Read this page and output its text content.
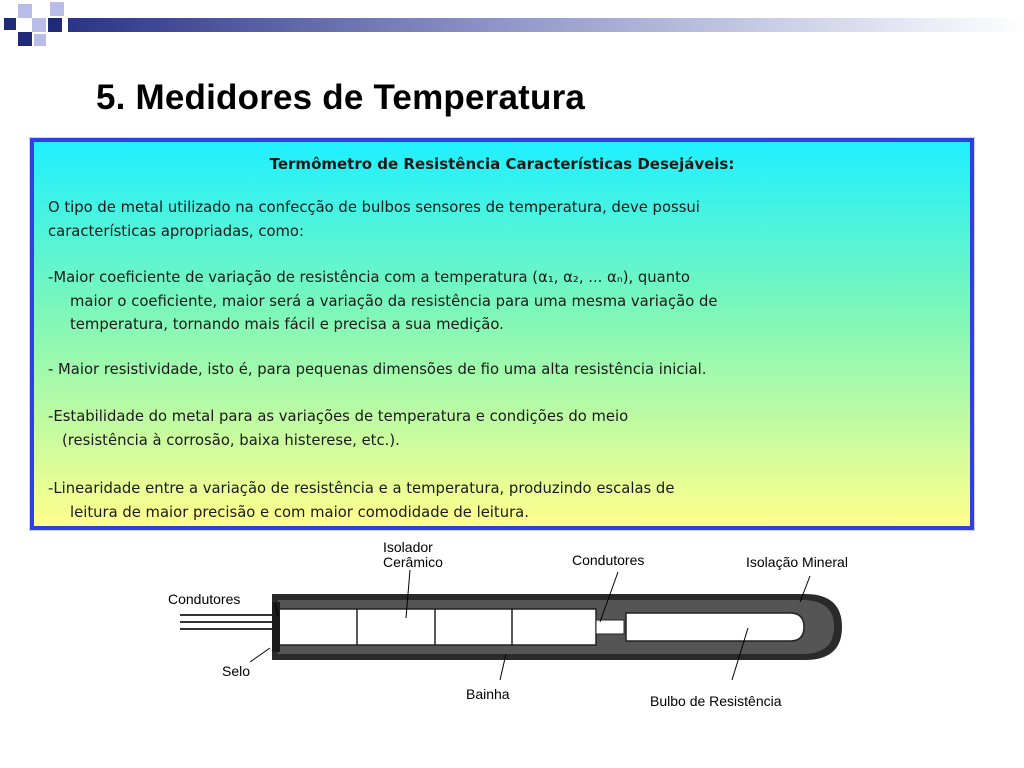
5. Medidores de Temperatura
Termômetro de Resistência Características Desejáveis:
O tipo de metal utilizado na confecção de bulbos sensores de temperatura, deve possui
características apropriadas, como:
-Maior coeficiente de variação de resistência com a temperatura (α₁, α₂, ... αₙ), quanto
maior o coeficiente, maior será a variação da resistência para uma mesma variação de
temperatura, tornando mais fácil e precisa a sua medição.
- Maior resistividade, isto é, para pequenas dimensões de fio uma alta resistência inicial.
-Estabilidade do metal para as variações de temperatura e condições do meio
(resistência à corrosão, baixa histerese, etc.).
-Linearidade entre a variação de resistência e a temperatura, produzindo escalas de
leitura de maior precisão e com maior comodidade de leitura.
Isolador
Cerâmico	Condutores	Isolação Mineral
Condutores
Selo
Bainha	Bulbo de Resistência
